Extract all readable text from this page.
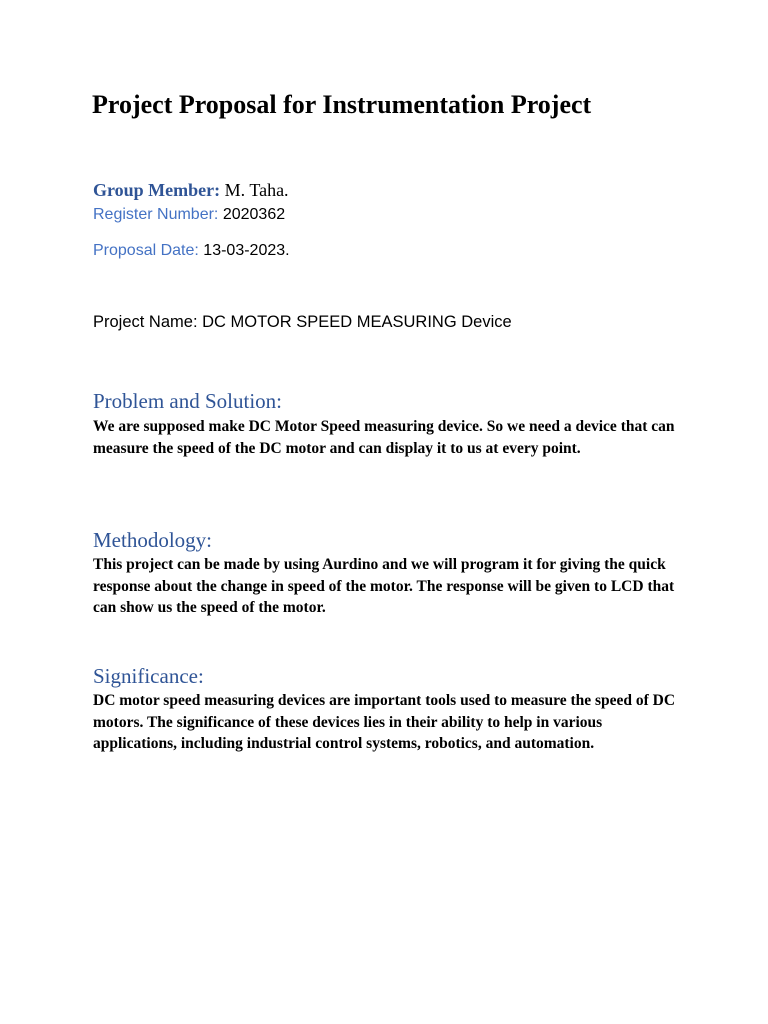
Project Proposal for Instrumentation Project
Group Member: M. Taha.
Register Number: 2020362
Proposal Date: 13-03-2023.
Project Name: DC MOTOR SPEED MEASURING Device
Problem and Solution:

We are supposed make DC Motor Speed measuring device. So we need a device that can measure the speed of the DC motor and can display it to us at every point.

Methodology:

This project can be made by using Aurdino and we will program it for giving the quick response about the change in speed of the motor. The response will be given to LCD that can show us the speed of the motor.

Significance:

DC motor speed measuring devices are important tools used to measure the speed of DC motors. The significance of these devices lies in their ability to help in various applications, including industrial control systems, robotics, and automation.
